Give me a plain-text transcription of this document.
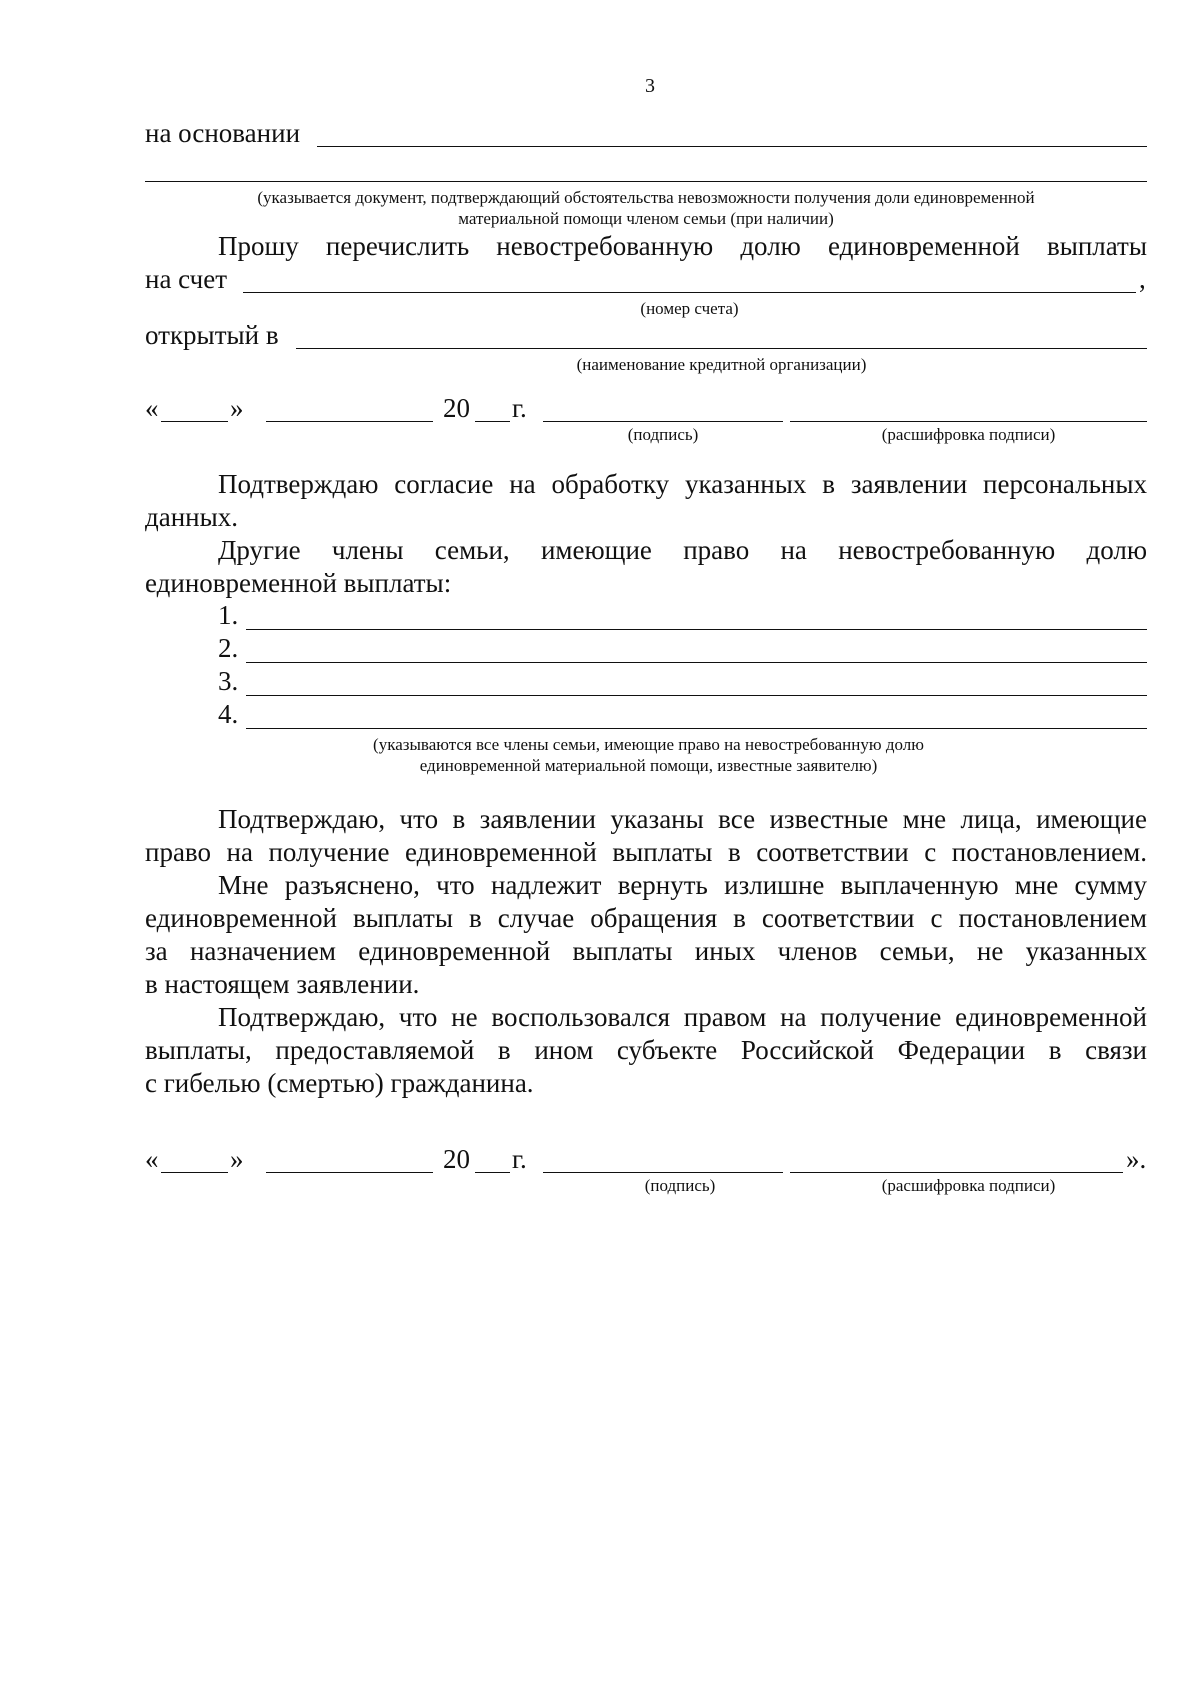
3
на основании
(указывается документ, подтверждающий обстоятельства невозможности получения доли единовременной
материальной помощи членом семьи (при наличии)
Прошу перечислить невостребованную долю единовременной выплаты
на счет	,
(номер счета)
открытый в
(наименование кредитной организации)
«	»	20 г.
(подпись)	(расшифровка подписи)
Подтверждаю согласие на обработку указанных в заявлении персональных
данных.
Другие члены семьи, имеющие право на невостребованную долю
единовременной выплаты:
1.
2.
3.
4.
(указываются все члены семьи, имеющие право на невостребованную долю
единовременной материальной помощи, известные заявителю)
Подтверждаю, что в заявлении указаны все известные мне лица, имеющие
право на получение единовременной выплаты в соответствии с постановлением.
Мне разъяснено, что надлежит вернуть излишне выплаченную мне сумму
единовременной выплаты в случае обращения в соответствии с постановлением
за назначением единовременной выплаты иных членов семьи, не указанных
в настоящем заявлении.
Подтверждаю, что не воспользовался правом на получение единовременной
выплаты, предоставляемой в ином субъекте Российской Федерации в связи
с гибелью (смертью) гражданина.
«	»	20 г.	».
(подпись)	(расшифровка подписи)
